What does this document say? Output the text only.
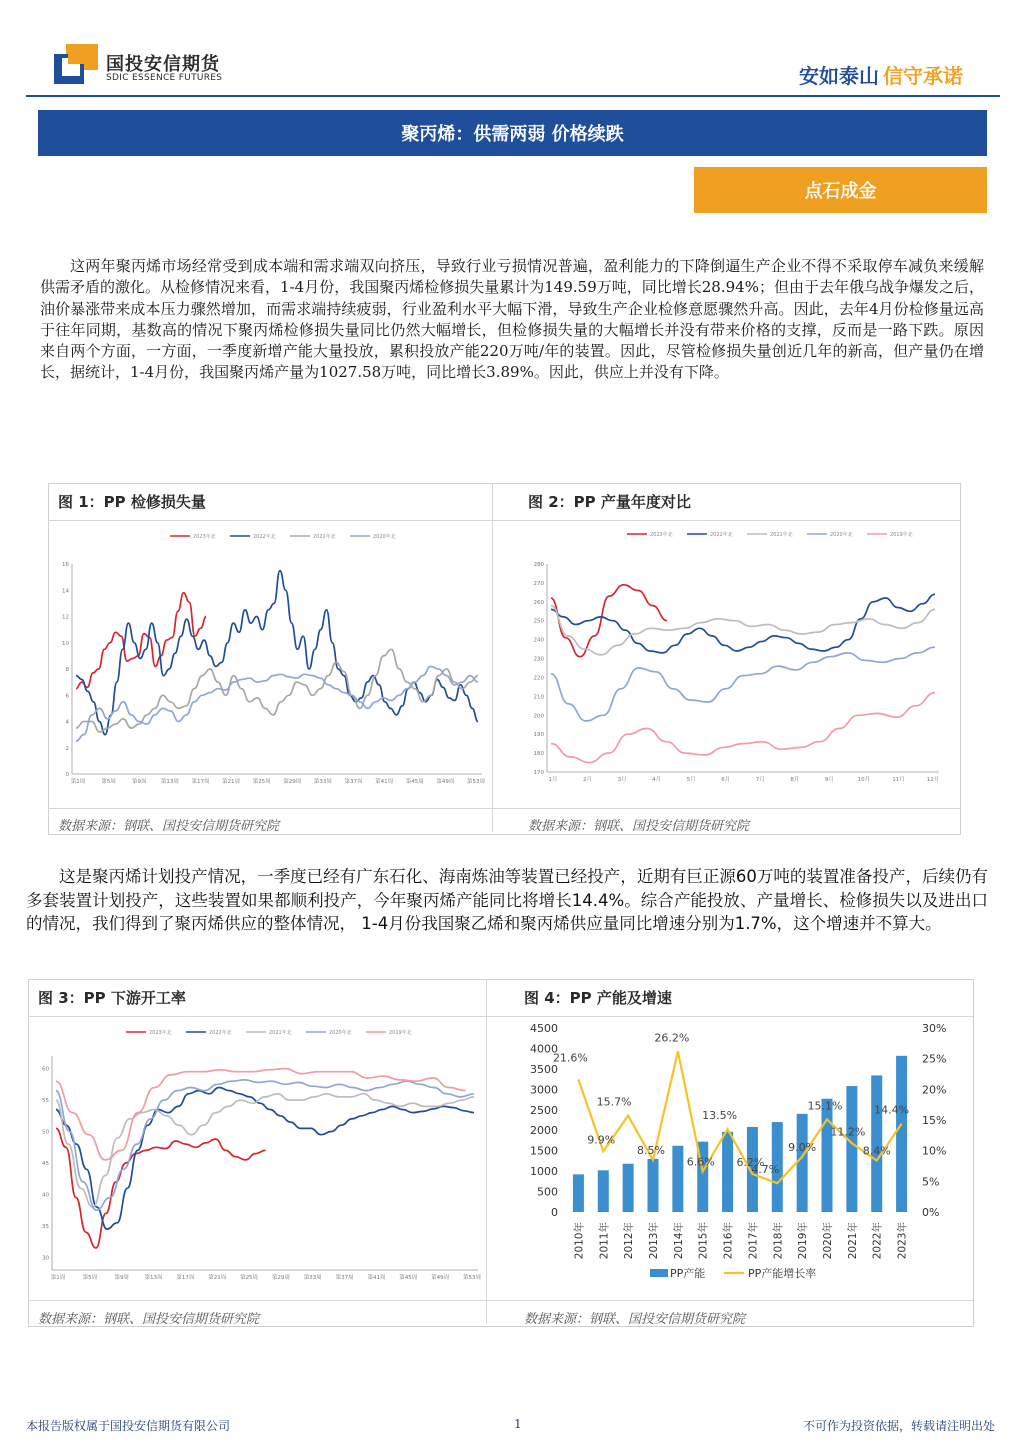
国投安信期货
SDIC ESSENCE FUTURES	安如泰山 信守承诺
聚丙烯：供需两弱 价格续跌
点石成金

这两年聚丙烯市场经常受到成本端和需求端双向挤压，导致行业亏损情况普遍，盈利能力的下降倒逼生产企业不得不采取停车减负来缓解供需矛盾的激化。从检修情况来看，1-4月份，我国聚丙烯检修损失量累计为149.59万吨，同比增长28.94%；但由于去年俄乌战争爆发之后，油价暴涨带来成本压力骤然增加，而需求端持续疲弱，行业盈利水平大幅下滑，导致生产企业检修意愿骤然升高。因此，去年4月份检修量远高于往年同期，基数高的情况下聚丙烯检修损失量同比仍然大幅增长，但检修损失量的大幅增长并没有带来价格的支撑，反而是一路下跌。原因来自两个方面，一方面，一季度新增产能大量投放，累积投放产能220万吨/年的装置。因此，尽管检修损失量创近几年的新高，但产量仍在增长，据统计，1-4月份，我国聚丙烯产量为1027.58万吨，同比增长3.89%。因此，供应上并没有下降。

图 1：PP 检修损失量	图 2：PP 产量年度对比
数据来源：钢联、国投安信期货研究院	数据来源：钢联、国投安信期货研究院
0
2
4
6
8
10
12
14
16
第1周	第5周	第9周	第13周 第17周 第21周 第25周 第29周 第33周 第37周 第41周 第45周 第49周 第53周
2023年北	2022年北	2021年北	2020年北
170
180
190
200
210
220
230
240
250
260
270
280
1月	2月	3月	4月	5月	6月	7月	8月	9月	10月	11月	12月
2023年北	2022年北	2021年北	2020年北	2019年北

这是聚丙烯计划投产情况，一季度已经有广东石化、海南炼油等装置已经投产，近期有巨正源60万吨的装置准备投产，后续仍有多套装置计划投产，这些装置如果都顺利投产，今年聚丙烯产能同比将增长14.4%。综合产能投放、产量增长、检修损失以及进出口的情况，我们得到了聚丙烯供应的整体情况， 1-4月份我国聚乙烯和聚丙烯供应量同比增速分别为1.7%，这个增速并不算大。

图 3：PP 下游开工率	图 4：PP 产能及增速
数据来源：钢联、国投安信期货研究院	数据来源：钢联、国投安信期货研究院
30
35
40
45
50
55
60
第1周	第5周	第9周	第13周	第17周	第21周	第25周	第29周	第33周	第37周	第41周	第45周	第49周	第53周
2023年北	2022年北	2021年北	2020年北	2019年北
0
500
1000
1500
2000
2500
3000
3500
4000
4500
0%
5%
10%
15%
20%
25%
30%
2010年 2011年 2012年 2013年 2014年 2015年 2016年 2017年 2018年 2019年 2020年 2021年 2022年 2023年
21.6%
9.9%
15.7%
8.5%
26.2%
6.6%
13.5%
6.2%
4.7%
9.0%
15.1%
11.2%
8.4%
14.4%
PP产能	PP产能增长率
本报告版权属于国投安信期货有限公司	1	不可作为投资依据，转载请注明出处
